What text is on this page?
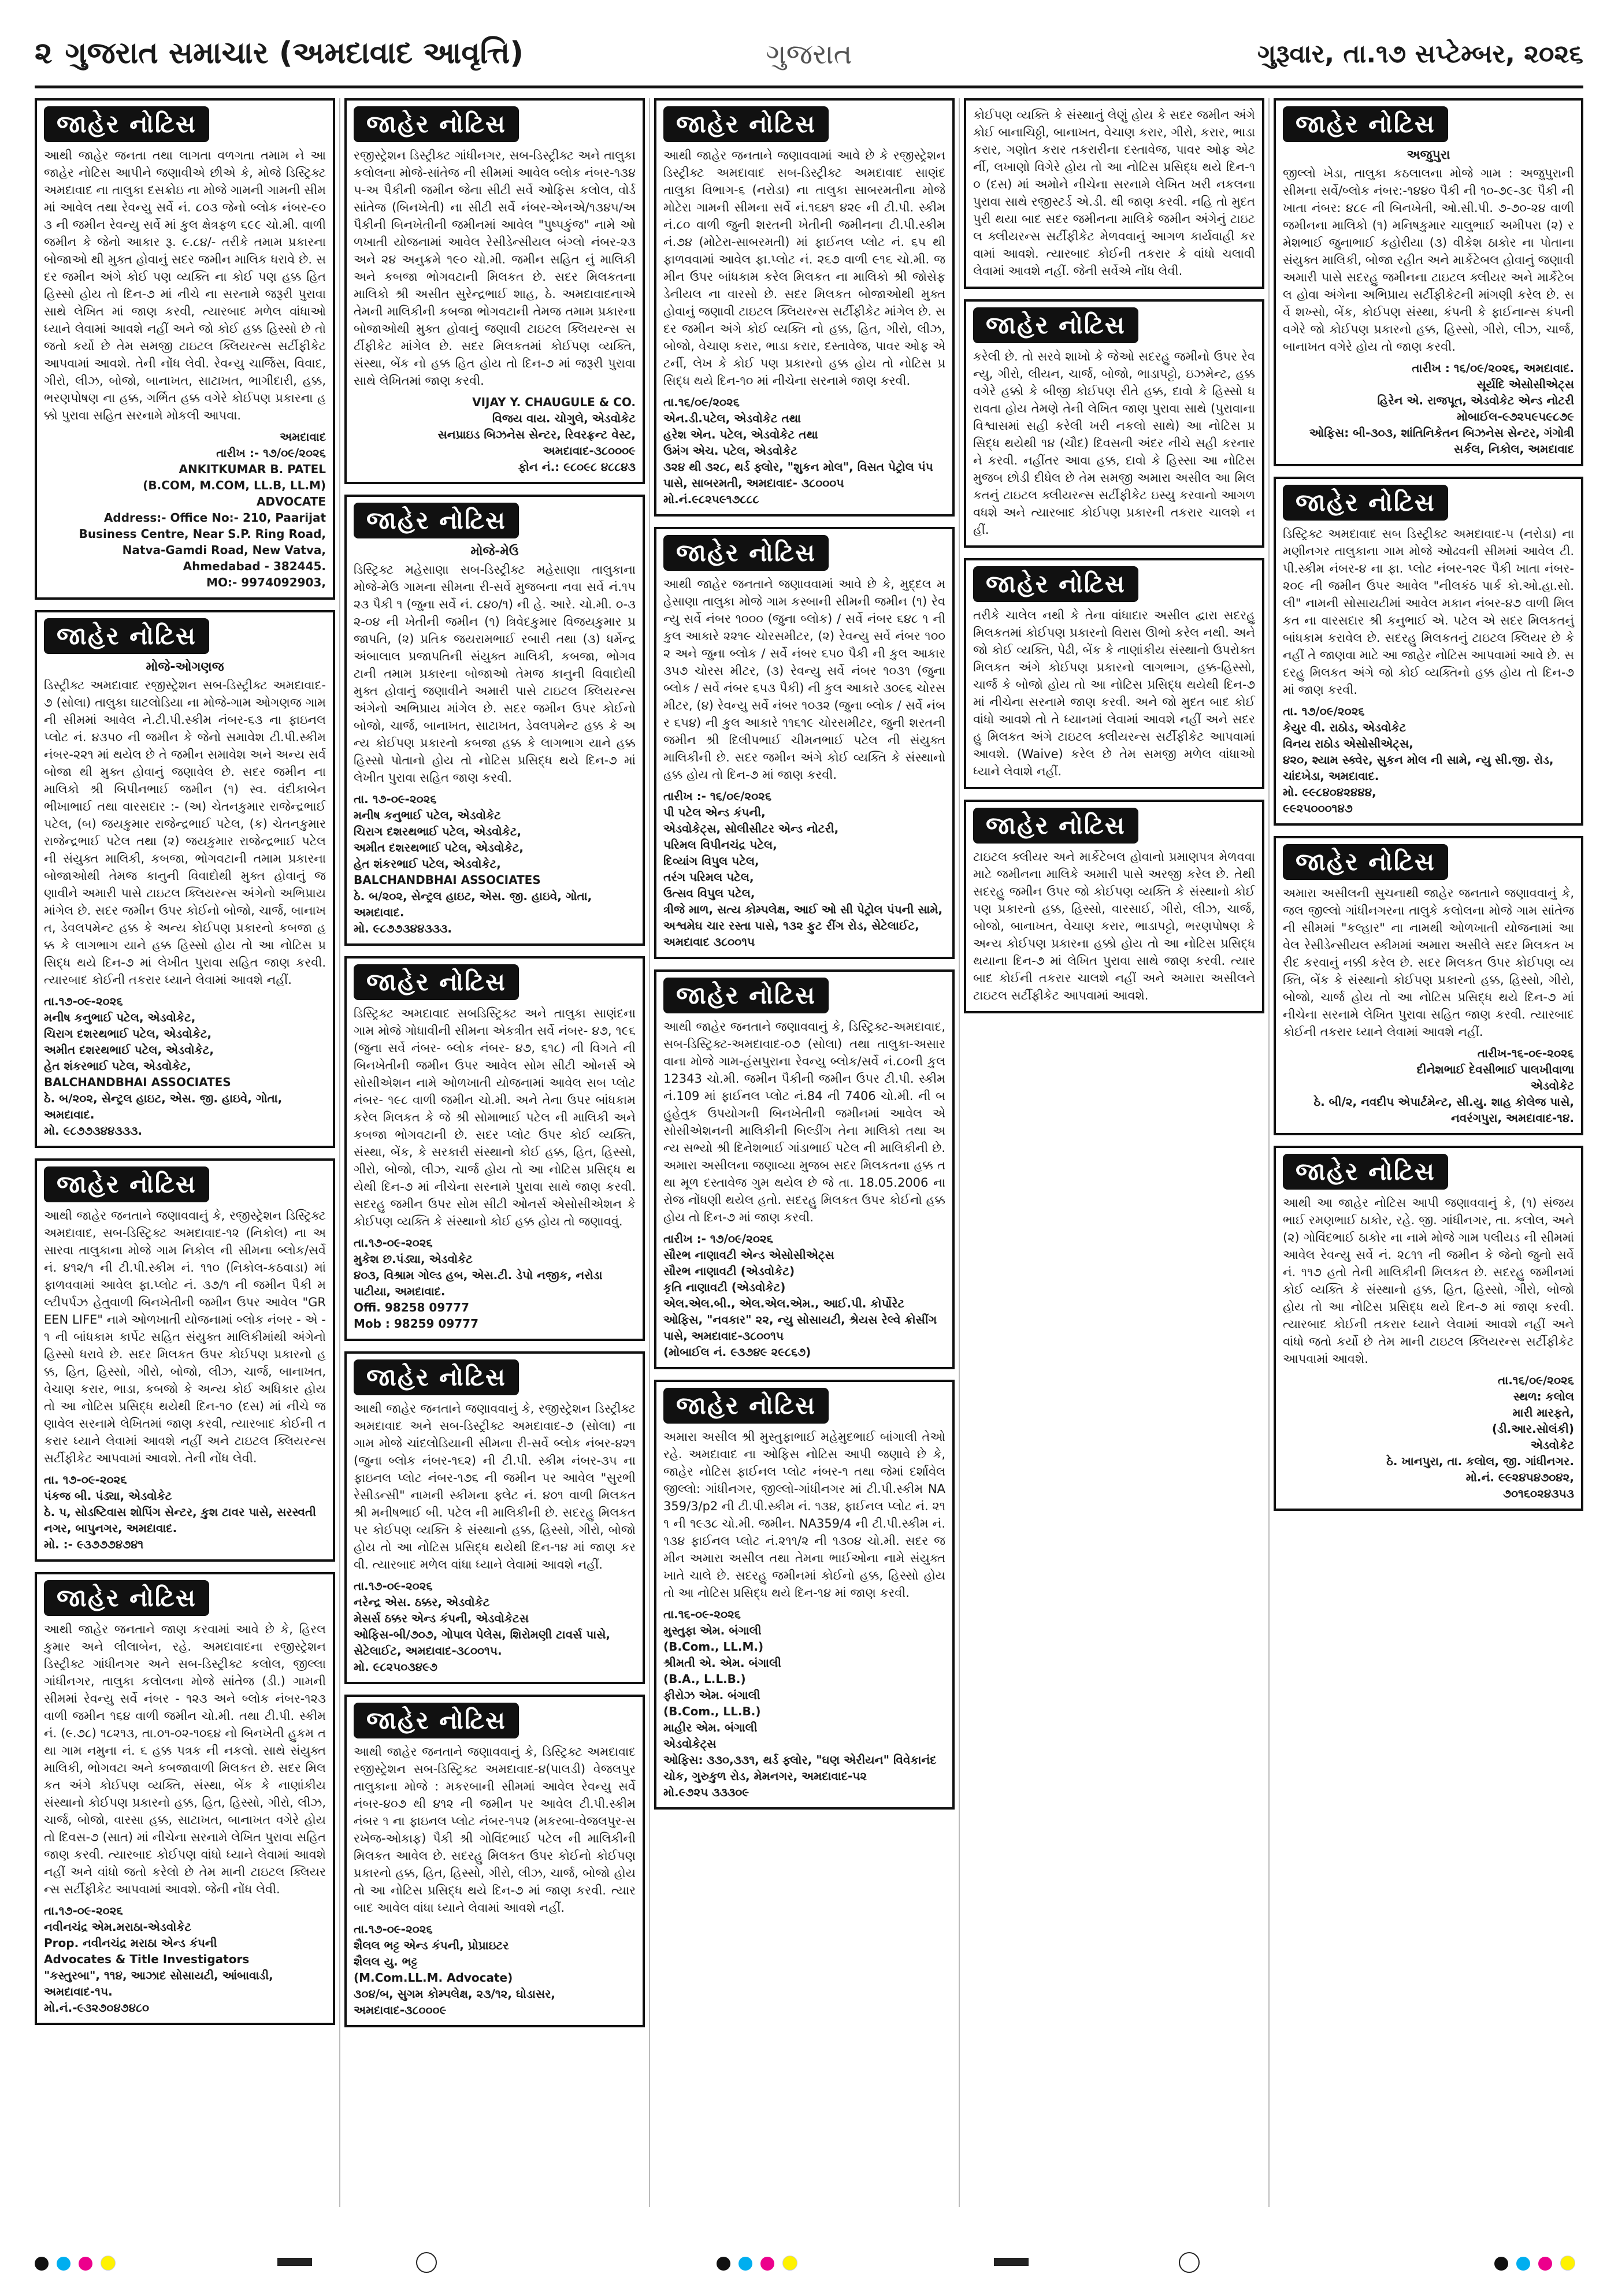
૨ ગુજરાત સમાચાર (અમદાવાદ આવૃત્તિ)	ગુજરાત	ગુરૂવાર, તા.૧૭ સપ્ટેમ્બર, ૨૦૨૬
જાહેર નોટિસ
આથી જાહેર જનતા તથા લાગતા વળગતા તમામ ને આ જાહેર નોટિસ આપીને જણાવીએ છીએ કે, મોજે ડિસ્ટ્રિક્ટ અમદાવાદ ના તાલુકા દસક્રોઇ ના મોજે ગામની ગામની સીમમાં આવેલ તથા રેવન્યુ સર્વે નં. ૮૦૩ જેનો બ્લોક નંબર-૯૦૩ ની જમીન રેવન્યુ સર્વે માં કુલ ક્ષેત્રફળ ૬૯૯ ચો.મી. વાળી જમીન કે જેનો આકાર રૂ. ૯.૮૪/- તરીકે તમામ પ્રકારના બોજાઓ થી મુક્ત હોવાનું સદર જમીન માલિક ધરાવે છે. સદર જમીન અંગે કોઈ પણ વ્યક્તિ ના કોઈ પણ હક્ક હિત હિસ્સો હોય તો દિન-૭ માં નીચે ના સરનામે જરૂરી પુરાવા સાથે લેખિત માં જાણ કરવી, ત્યારબાદ મળેલ વાંધાઓ ધ્યાને લેવામાં આવશે નહીં અને જો કોઈ હક્ક હિસ્સો છે તો જતો કર્યો છે તેમ સમજી ટાઇટલ ક્લિયરન્સ સર્ટીફીકેટ આપવામાં આવશે. તેની નોંધ લેવી. રેવન્યુ ચાર્જિસ, વિવાદ, ગીરો, લીઝ, બોજો, બાનાખત, સાટાખત, ભાગીદારી, હક્ક, ભરણપોષણ ના હક્ક, ગર્ભિત હક્ક વગેરે કોઈપણ પ્રકારના હક્કો પુરાવા સહિત સરનામે મોકલી આપવા.
અમદાવાદ
તારીખ :- ૧૭/૦૯/૨૦૨૬
ANKITKUMAR B. PATEL
(B.COM, M.COM, LL.B, LL.M)
ADVOCATE
Address:- Office No:- 210, Paarijat Business Centre, Near S.P. Ring Road, Natva-Gamdi Road, New Vatva, Ahmedabad - 382445.
MO:- 9974092903,
જાહેર નોટિસ
મોજે-ઓગણજ
ડિસ્ટ્રીક્ટ અમદાવાદ રજીસ્ટ્રેશન સબ-ડિસ્ટ્રીક્ટ અમદાવાદ-૭ (સોલા) તાલુકા ઘાટલોડિયા ના મોજે-ગામ ઓગણજ ગામની સીમમાં આવેલ ને.ટી.પી.સ્કીમ નંબર-૬૩ ના ફાઇનલ પ્લોટ નં. ૪૩૫૦ ની જમીન કે જેનો સમાવેશ ટી.પી.સ્કીમ નંબર-૨૨૧ માં થયેલ છે તે જમીન સમાવેશ અને અન્ય સર્વ બોજા થી મુક્ત હોવાનું જણાવેલ છે. સદર જમીન ના માલિકો શ્રી બિપીનભાઈ જમીન (૧) સ્વ. વંદીકાબેન ભીખાભાઈ તથા વારસદાર :- (અ) ચેતનકુમાર રાજેન્દ્રભાઈ પટેલ, (બ) જયકુમાર રાજેન્દ્રભાઈ પટેલ, (ક) ચેતનકુમાર રાજેન્દ્રભાઈ પટેલ તથા (૨) જયકુમાર રાજેન્દ્રભાઈ પટેલ ની સંયુક્ત માલિકી, કબજા, ભોગવટાની તમામ પ્રકારના બોજાઓથી તેમજ કાનુની વિવાદોથી મુક્ત હોવાનું જણાવીને અમારી પાસે ટાઇટલ ક્લિયરન્સ અંગેનો અભિપ્રાય માંગેલ છે. સદર જમીન ઉપર કોઈનો બોજો, ચાર્જ, બાનાખત, ડેવલપમેન્ટ હક્ક કે અન્ય કોઈપણ પ્રકારનો કબજા હક્ક કે લાગભાગ યાને હક્ક હિસ્સો હોય તો આ નોટિસ પ્રસિદ્ધ થયે દિન-૭ માં લેખીત પુરાવા સહિત જાણ કરવી. ત્યારબાદ કોઈની તકરાર ધ્યાને લેવામાં આવશે નહીં.
તા.૧૭-૦૯-૨૦૨૬
મનીષ કનુભાઈ પટેલ, એડવોકેટ,
ચિરાગ દશરથભાઈ પટેલ, એડવોકેટ,
અમીત દશરથભાઈ પટેલ, એડવોકેટ,
હેત શંકરભાઈ પટેલ, એડવોકેટ,
BALCHANDBHAI ASSOCIATES
ઠે. બ/૨૦૨, સેન્ટ્રલ હાઇટ, એસ. જી. હાઇવે, ગોતા, અમદાવાદ.
મો. ૯૮૭૭૩૪૪૩૩૩.
જાહેર નોટિસ
આથી જાહેર જનતાને જણાવવાનું કે, રજીસ્ટ્રેશન ડિસ્ટ્રિક્ટ અમદાવાદ, સબ-ડિસ્ટ્રિક્ટ અમદાવાદ-૧૨ (નિકોલ) ના અસારવા તાલુકાના મોજે ગામ નિકોલ ની સીમના બ્લોક/સર્વે નં. ૪૧૨/૧ ની ટી.પી.સ્કીમ નં. ૧૧૦ (નિકોલ-કઠવાડા) માં ફાળવવામાં આવેલ ફા.પ્લોટ નં. ૩૭/૧ ની જમીન પૈકી મલ્ટીપર્પઝ હેતુવાળી બિનખેતીની જમીન ઉપર આવેલ "GREEN LIFE" નામે ઓળખાતી યોજનામાં બ્લોક નંબર - એ - ૧ ની બાંધકામ કાર્પેટ સહિત સંયુક્ત માલિકીમાંથી અંગેનો હિસ્સો ધરાવે છે. સદર મિલકત ઉપર કોઈપણ પ્રકારનો હક્ક, હિત, હિસ્સો, ગીરો, બોજો, લીઝ, ચાર્જ, બાનાખત, વેચાણ કરાર, ભાડા, કબજો કે અન્ય કોઈ અધિકાર હોય તો આ નોટિસ પ્રસિદ્ધ થયેથી દિન-૧૦ (દસ) માં નીચે જણાવેલ સરનામે લેખિતમાં જાણ કરવી, ત્યારબાદ કોઈની તકરાર ધ્યાને લેવામાં આવશે નહીં અને ટાઇટલ ક્લિયરન્સ સર્ટીફીકેટ આપવામાં આવશે. તેની નોંધ લેવી.
તા. ૧૭-૦૯-૨૦૨૬
પંકજ બી. પંડ્યા, એડવોકેટ
ઠે. પ, સોડષ્ટિવાસ શોપિંગ સેન્ટર, કુશ ટાવર પાસે, સરસ્વતી નગર, બાપુનગર, અમદાવાદ.
મો. :- ૯૩૭૭૭૪૭૪૧
જાહેર નોટિસ
આથી જાહેર જનતાને જાણ કરવામાં આવે છે કે, હિરલકુમાર અને લીલાબેન, રહે. અમદાવાદના રજીસ્ટ્રેશન ડિસ્ટ્રીક્ટ ગાંધીનગર અને સબ-ડિસ્ટ્રીક્ટ કલોલ, જીલ્લા ગાંધીનગર, તાલુકા કલોલના મોજે સાંતેજ (ડી.) ગામની સીમમાં રેવન્યુ સર્વે નંબર - ૧૨૩ અને બ્લોક નંબર-૧૨૩ વાળી જમીન ૧૬૪ વાળી જમીન ચો.મી. તથા ટી.પી. સ્કીમ નં. (૯.૭૮) ૧૮૨૧૩, તા.૦૧-૦૨-૧૦૬૪ નો બિનખેતી હુકમ તથા ગામ નમુના નં. ૬ હક્ક પત્રક ની નકલો. સાથે સંયુક્ત માલિકી, ભોગવટા અને કબજાવાળી મિલકત છે. સદર મિલકત અંગે કોઈપણ વ્યક્તિ, સંસ્થા, બેંક કે નાણાંકીય સંસ્થાનો કોઈપણ પ્રકારનો હક્ક, હિત, હિસ્સો, ગીરો, લીઝ, ચાર્જ, બોજો, વારસા હક્ક, સાટાખત, બાનાખત વગેરે હોય તો દિવસ-૭ (સાત) માં નીચેના સરનામે લેખિત પુરાવા સહિત જાણ કરવી. ત્યારબાદ કોઈપણ વાંધો ધ્યાને લેવામાં આવશે નહીં અને વાંધો જતો કરેલો છે તેમ માની ટાઇટલ ક્લિયરન્સ સર્ટીફીકેટ આપવામાં આવશે. જેની નોંધ લેવી.
તા.૧૭-૦૯-૨૦૨૬
નવીનચંદ્ર એમ.મરાઠા-એડવોકેટ
Prop. નવીનચંદ્ર મરાઠા એન્ડ કંપની
Advocates & Title Investigators
"કસ્તુરબા", ૧૧૪, આઝાદ સોસાયટી, આંબાવાડી, અમદાવાદ-૧૫.
મો.નં.-૯૩૨૭૦૪૭૪૮૦
જાહેર નોટિસ
રજીસ્ટ્રેશન ડિસ્ટ્રીક્ટ ગાંધીનગર, સબ-ડિસ્ટ્રીક્ટ અને તાલુકા કલોલના મોજે-સાંતેજ ની સીમમાં આવેલ બ્લોક નંબર-૧૩૪૫-અ પૈકીની જમીન જેના સીટી સર્વે ઓફિસ કલોલ, વોર્ડ સાંતેજ (બિનખેતી) ના સીટી સર્વે નંબર-એનએ/૧૩૪૫/અ પૈકીની બિનખેતીની જમીનમાં આવેલ "પુષ્પકુંજ" નામે ઓળખાતી યોજનામાં આવેલ રેસીડેન્સીયલ બંગ્લો નંબર-૨૩ અને ૨૪ અનુક્રમે ૧૯૦ ચો.મી. જમીન સહિત નું માલિકી અને કબજા ભોગવટાની મિલકત છે. સદર મિલકતના માલિકો શ્રી અસીત સુરેન્દ્રભાઈ શાહ, ઠે. અમદાવાદનાએ તેમની માલિકીની કબજા ભોગવટાની તેમજ તમામ પ્રકારના બોજાઓથી મુક્ત હોવાનું જણાવી ટાઇટલ ક્લિયરન્સ સર્ટીફીકેટ માંગેલ છે. સદર મિલકતમાં કોઈપણ વ્યક્તિ, સંસ્થા, બેંક નો હક્ક હિત હોય તો દિન-૭ માં જરૂરી પુરાવા સાથે લેખિતમાં જાણ કરવી.
VIJAY Y. CHAUGULE & CO.
વિજય વાય. ચોગુલે, એડવોકેટ
સનપ્રાઇડ બિઝનેસ સેન્ટર, રિવરફ્રન્ટ વેસ્ટ, અમદાવાદ-૩૮૦૦૦૯
ફોન નં.: ૯૮૦૯૮ ૪૮૮૪૩
જાહેર નોટિસ
મોજે-મેઉ
ડિસ્ટ્રિક્ટ મહેસાણા સબ-ડિસ્ટ્રીક્ટ મહેસાણા તાલુકાના મોજે-મેઉ ગામના સીમના રી-સર્વે મુજબના નવા સર્વે નં.૧૫૨૩ પૈકી ૧ (જુના સર્વે નં. ૮૪૦/૧) ની હે. આરે. ચો.મી. ૦-૩૨-૦૪ ની ખેતીની જમીન (૧) ત્રિવેદકુમાર વિજયકુમાર પ્રજાપતિ, (૨) પ્રતિક જયરામભાઈ રબારી તથા (૩) ધર્મેન્દ્ર અંબાલાલ પ્રજાપતિની સંયુક્ત માલિકી, કબજા, ભોગવટાની તમામ પ્રકારના બોજાઓ તેમજ કાનુની વિવાદોથી મુક્ત હોવાનું જણાવીને અમારી પાસે ટાઇટલ ક્લિયરન્સ અંગેનો અભિપ્રાય માંગેલ છે. સદર જમીન ઉપર કોઈનો બોજો, ચાર્જ, બાનાખત, સાટાખત, ડેવલપમેન્ટ હક્ક કે અન્ય કોઈપણ પ્રકારનો કબજા હક્ક કે લાગભાગ યાને હક્ક હિસ્સો પોતાનો હોય તો નોટિસ પ્રસિદ્ધ થયે દિન-૭ માં લેખીત પુરાવા સહિત જાણ કરવી.
તા. ૧૭-૦૯-૨૦૨૬
મનીષ કનુભાઈ પટેલ, એડવોકેટ
ચિરાગ દશરથભાઈ પટેલ, એડવોકેટ,
અમીત દશરથભાઈ પટેલ, એડવોકેટ,
હેત શંકરભાઈ પટેલ, એડવોકેટ,
BALCHANDBHAI ASSOCIATES
ઠે. બ/૨૦૨, સેન્ટ્રલ હાઇટ, એસ. જી. હાઇવે, ગોતા, અમદાવાદ.
મો. ૯૮૭૭૩૪૪૩૩૩.
જાહેર નોટિસ
ડિસ્ટ્રિક્ટ અમદાવાદ સબડિસ્ટ્રિક્ટ અને તાલુકા સાણંદના ગામ મોજે ગોધાવીની સીમના એકત્રીત સર્વે નંબર- ૪૭, ૧૯૬ (જુના સર્વે નંબર- બ્લોક નંબર- ૪૭, ૬૧૮) ની વિગતે ની બિનખેતીની જમીન ઉપર આવેલ સોમ સીટી ઓનર્સ એસોસીએશન નામે ઓળખાતી યોજનામાં આવેલ સબ પ્લોટ નંબર- ૧૯૮ વાળી જમીન ચો.મી. અને તેના ઉપર બાંધકામ કરેલ મિલકત કે જે શ્રી સોમાભાઈ પટેલ ની માલિકી અને કબજા ભોગવટાની છે. સદર પ્લોટ ઉપર કોઈ વ્યક્તિ, સંસ્થા, બેંક, કે સરકારી સંસ્થાનો કોઈ હક્ક, હિત, હિસ્સો, ગીરો, બોજો, લીઝ, ચાર્જ હોય તો આ નોટિસ પ્રસિદ્ધ થયેથી દિન-૭ માં નીચેના સરનામે પુરાવા સાથે જાણ કરવી. સદરહુ જમીન ઉપર સોમ સીટી ઓનર્સ એસોસીએશન કે કોઈપણ વ્યક્તિ કે સંસ્થાનો કોઈ હક્ક હોય તો જણાવવું.
તા.૧૭-૦૯-૨૦૨૬
મુકેશ છ.પંડ્યા, એડવોકેટ
૪૦૩, વિશ્રામ ગોલ્ડ હબ, એસ.ટી. ડેપો નજીક, નરોડા પાટીયા, અમદાવાદ.
Offi. 98258 09777
Mob : 98259 09777
જાહેર નોટિસ
આથી જાહેર જનતાને જણાવવાનું કે, રજીસ્ટ્રેશન ડિસ્ટ્રીક્ટ અમદાવાદ અને સબ-ડિસ્ટ્રીક્ટ અમદાવાદ-૭ (સોલા) ના ગામ મોજે ચાંદલોડિયાની સીમના રી-સર્વે બ્લોક નંબર-૪૨૧ (જુના બ્લોક નંબર-૧૬૨) ની ટી.પી. સ્કીમ નંબર-૩૫ ના ફાઇનલ પ્લોટ નંબર-૧૭૬ ની જમીન પર આવેલ "સુરભી રેસીડન્સી" નામની સ્કીમના ફ્લેટ નં. ૪૦૧ વાળી મિલકત શ્રી મનીષભાઈ બી. પટેલ ની માલિકીની છે. સદરહુ મિલકત પર કોઈપણ વ્યક્તિ કે સંસ્થાનો હક્ક, હિસ્સો, ગીરો, બોજો હોય તો આ નોટિસ પ્રસિદ્ધ થયેથી દિન-૧૪ માં જાણ કરવી. ત્યારબાદ મળેલ વાંધા ધ્યાને લેવામાં આવશે નહીં.
તા.૧૭-૦૯-૨૦૨૬
નરેન્દ્ર એસ. ઠક્કર, એડવોકેટ
મેસર્સ ઠક્કર એન્ડ કંપની, એડવોકેટસ
ઓફિસ-બી/૭૦૭, ગોપાલ પેલેસ, શિરોમણી ટાવર્સ પાસે, સેટેલાઈટ, અમદાવાદ-૩૮૦૦૧૫.
મો. ૯૮૨૫૦૩૪૯૭
જાહેર નોટિસ
આથી જાહેર જનતાને જણાવવાનું કે, ડિસ્ટ્રિક્ટ અમદાવાદ રજીસ્ટ્રેશન સબ-ડિસ્ટ્રિક્ટ અમદાવાદ-૪(પાલડી) વેજલપુર તાલુકાના મોજે : મકરબાની સીમમાં આવેલ રેવન્યુ સર્વે નંબર-૪૦૭ થી ૪૧૨ ની જમીન પર આવેલ ટી.પી.સ્કીમ નંબર ૧ ના ફાઇનલ પ્લોટ નંબર-૧૫૨ (મકરબા-વેજલપુર-સરખેજ-ઓકાફ) પૈકી શ્રી ગોવિંદભાઈ પટેલ ની માલિકીની મિલકત આવેલ છે. સદરહુ મિલકત ઉપર કોઈનો કોઈપણ પ્રકારનો હક્ક, હિત, હિસ્સો, ગીરો, લીઝ, ચાર્જ, બોજો હોય તો આ નોટિસ પ્રસિદ્ધ થયે દિન-૭ માં જાણ કરવી. ત્યારબાદ આવેલ વાંધા ધ્યાને લેવામાં આવશે નહીં.
તા.૧૭-૦૯-૨૦૨૬
શૈલલ ભટ્ટ એન્ડ કંપની, પ્રોપ્રાઇટર
શૈલલ યુ. ભટ્ટ
(M.Com.LL.M. Advocate)
૩૦૪/બ, સુગમ કોમ્પલેક્ષ, ૨૩/૧૨, ઘોડાસર, અમદાવાદ-૩૮૦૦૦૯
જાહેર નોટિસ
આથી જાહેર જનતાને જણાવવામાં આવે છે કે રજીસ્ટ્રેશન ડિસ્ટ્રીક્ટ અમદાવાદ સબ-ડિસ્ટ્રીક્ટ અમદાવાદ સાણંદ તાલુકા વિભાગ-૬ (નરોડા) ના તાલુકા સાબરમતીના મોજે મોટેરા ગામની સીમના સર્વે નં.૧૬૪૧ ૪૨૯ ની ટી.પી. સ્કીમ નં.૮૦ વાળી જુની શરતની ખેતીની જમીનના ટી.પી.સ્કીમ નં.૭૪ (મોટેરા-સાબરમતી) માં ફાઈનલ પ્લોટ નં. ૬૫ થી ફાળવવામાં આવેલ ફા.પ્લોટ નં. ૨૬૭ વાળી ૯૧૬ ચો.મી. જમીન ઉપર બાંધકામ કરેલ મિલકત ના માલિકો શ્રી જોસેફ ડેનીયલ ના વારસો છે. સદર મિલકત બોજાઓથી મુક્ત હોવાનું જણાવી ટાઇટલ ક્લિયરન્સ સર્ટીફીકેટ માંગેલ છે. સદર જમીન અંગે કોઈ વ્યક્તિ નો હક્ક, હિત, ગીરો, લીઝ, બોજો, વેચાણ કરાર, ભાડા કરાર, દસ્તાવેજ, પાવર ઓફ એટર્ની, લેખ કે કોઈ પણ પ્રકારનો હક્ક હોય તો નોટિસ પ્રસિદ્ધ થયે દિન-૧૦ માં નીચેના સરનામે જાણ કરવી.
તા.૧૬/૦૯/૨૦૨૬
એન.ડી.પટેલ, એડવોકેટ તથા
હરેશ એન. પટેલ, એડવોકેટ તથા
ઉમંગ એચ. પટેલ, એડવોકેટ
૩૨૪ થી ૩૨૮, થર્ડ ફ્લોર, "શુકન મોલ", વિસત પેટ્રોલ પંપ પાસે, સાબરમતી, અમદાવાદ- ૩૮૦૦૦૫
મો.નં.૯૮૨૫૯૧૭૮૮૮
જાહેર નોટિસ
આથી જાહેર જનતાને જણાવવામાં આવે છે કે, મુદ્દલ મહેસાણા તાલુકા મોજે ગામ કસ્બાની સીમની જમીન (૧) રેવન્યુ સર્વે નંબર ૧૦૦૦ (જુના બ્લોક) / સર્વે નંબર ૬૪૮ ૧ ની કુલ આકારે ૨૨૧૯ ચોરસમીટર, (૨) રેવન્યુ સર્વે નંબર ૧૦૦૨ અને જુના બ્લોક / સર્વે નંબર ૬૫૦ પૈકી ની કુલ આકાર ૩૫૭ ચોરસ મીટર, (૩) રેવન્યુ સર્વે નંબર ૧૦૩૧ (જુના બ્લોક / સર્વે નંબર ૬૫૩ પૈકી) ની કુલ આકારે ૩૦૯૬ ચોરસમીટર, (૪) રેવન્યુ સર્વે નંબર ૧૦૩૨ (જુના બ્લોક / સર્વે નંબર ૬૫૪) ની કુલ આકારે ૧૧૬૧૯ ચોરસમીટર, જુની શરતની જમીન શ્રી દિલીપભાઈ ચીમનભાઈ પટેલ ની સંયુક્ત માલિકીની છે. સદર જમીન અંગે કોઈ વ્યક્તિ કે સંસ્થાનો હક્ક હોય તો દિન-૭ માં જાણ કરવી.
તારીખ :- ૧૬/૦૯/૨૦૨૬
પી પટેલ એન્ડ કંપની,
એડવોકેટ્સ, સોલીસીટર એન્ડ નોટરી,
પરિમલ વિપીનચંદ્ર પટેલ,
દિવ્યાંગ વિપુલ પટેલ,
તરંગ પરિમલ પટેલ,
ઉત્સવ વિપુલ પટેલ,
ત્રીજે માળ, સત્ય કોમ્પલેક્ષ, આઈ ઓ સી પેટ્રોલ પંપની સામે, અશ્વમેઘ ચાર રસ્તા પાસે, ૧૩૨ ફુટ રીંગ રોડ, સેટેલાઈટ, અમદાવાદ ૩૮૦૦૧૫
જાહેર નોટિસ
આથી જાહેર જનતાને જણાવવાનું કે, ડિસ્ટ્રિક્ટ-અમદાવાદ, સબ-ડિસ્ટ્રિક્ટ-અમદાવાદ-૦૭ (સોલા) તથા તાલુકા-અસારવાના મોજે ગામ-હંસપુરાના રેવન્યુ બ્લોક/સર્વે નં.૮૦ની કુલ 12343 ચો.મી. જમીન પૈકીની જમીન ઉપર ટી.પી. સ્કીમ નં.109 માં ફાઈનલ પ્લોટ નં.84 ની 7406 ચો.મી. ની બહુહેતુક ઉપયોગની બિનખેતીની જમીનમાં આવેલ એસોસીએશનની માલિકીની બિલ્ડીંગ તેના માલિકો તથા અન્ય સભ્યો શ્રી દિનેશભાઈ ગાંડાભાઈ પટેલ ની માલિકીની છે. અમારા અસીલના જણાવ્યા મુજબ સદર મિલકતના હક્ક તથા મૂળ દસ્તાવેજ ગુમ થયેલ છે જે તા. 18.05.2006 ના રોજ નોંધણી થયેલ હતો. સદરહુ મિલકત ઉપર કોઈનો હક્ક હોય તો દિન-૭ માં જાણ કરવી.
તારીખ :- ૧૭/૦૯/૨૦૨૬
સૌરભ નાણાવટી એન્ડ એસોસીએટ્સ
સૌરભ નાણાવટી (એડવોકેટ)
કૃતિ નાણાવટી (એડવોકેટ)
એલ.એલ.બી., એલ.એલ.એમ., આઈ.પી. કોર્પોરેટ ઓફિસ, "નવકાર" ૨૨, ન્યુ સોસાયટી, શ્રેયસ રેલ્વે ક્રોસીંગ પાસે, અમદાવાદ-૩૮૦૦૧૫
(મોબાઈલ નં. ૯૩૭૪૯ ૨૯૮૬૭)
જાહેર નોટિસ
અમારા અસીલ શ્રી મુસ્તુફાભાઈ મહેમુદભાઈ બાંગાલી તેઓ રહે. અમદાવાદ ના ઓફિસ નોટિસ આપી જણાવે છે કે, જાહેર નોટિસ ફાઈનલ પ્લોટ નંબર-૧ તથા જેમાં દર્શાવેલ જીલ્લો: ગાંધીનગર, જીલ્લો-ગાંધીનગર માં ટી.પી.સ્કીમ NA359/3/p2 ની ટી.પી.સ્કીમ નં. ૧૩૪, ફાઈનલ પ્લોટ નં. ૨૧૧ ની ૧૯૩૮ ચો.મી. જમીન. NA359/4 ની ટી.પી.સ્કીમ નં.૧૩૪ ફાઈનલ પ્લોટ નં.૨૧૧/૨ ની ૧૩૦૪ ચો.મી. સદર જમીન અમારા અસીલ તથા તેમના ભાઈઓના નામે સંયુક્ત ખાતે ચાલે છે. સદરહુ જમીનમાં કોઈનો હક્ક, હિસ્સો હોય તો આ નોટિસ પ્રસિદ્ધ થયે દિન-૧૪ માં જાણ કરવી.
તા.૧૬-૦૯-૨૦૨૬
મુસ્તુફા એમ. બંગાલી
(B.Com., LL.M.)
શ્રીમતી એ. એમ. બંગાલી
(B.A., L.L.B.)
ફીરોઝ એમ. બંગાલી
(B.Com., LL.B.)
માહીર એમ. બંગાલી
એડવોકેટ્સ
ઓફિસ: ૩૩૦,૩૩૧, થર્ડ ફ્લોર, "ઘણ એરીયન" વિવેકાનંદ ચોક, ગુરુકુળ રોડ, મેમનગર, અમદાવાદ-૫૨
મો.૯૭૨૫ ૩૩૩૦૯
કોઈપણ વ્યક્તિ કે સંસ્થાનું લેણું હોય કે સદર જમીન અંગે કોઈ બાનાચિઠ્ઠી, બાનાખત, વેચાણ કરાર, ગીરો, કરાર, ભાડા કરાર, ગણોત કરાર તકરારીના દસ્તાવેજ, પાવર ઓફ એટર્ની, લખાણો વિગેરે હોય તો આ નોટિસ પ્રસિદ્ધ થયે દિન-૧૦ (દસ) માં અમોને નીચેના સરનામે લેખિત ખરી નકલના પુરાવા સાથે રજીસ્ટર્ડ એ.ડી. થી જાણ કરવી. નહિ તો મુદત પુરી થયા બાદ સદર જમીનના માલિકે જમીન અંગેનું ટાઇટલ ક્લીયરન્સ સર્ટીફીકેટ મેળવવાનું આગળ કાર્યવાહી કરવામાં આવશે. ત્યારબાદ કોઈની તકરાર કે વાંધો ચલાવી લેવામાં આવશે નહીં. જેની સર્વેએ નોંધ લેવી.
જાહેર નોટિસ
કરેલી છે. તો સરવે શાખો કે જેઓ સદરહુ જમીનો ઉપર રેવન્યુ, ગીરો, લીયન, ચાર્જ, બોજો, ભાડાપટ્ટો, ઇઝમેન્ટ, હક્કવગેરે હક્કો કે બીજી કોઈપણ રીતે હક્ક, દાવો કે હિસ્સો ધરાવતા હોય તેમણે તેની લેખિત જાણ પુરાવા સાથે (પુરાવાના વિશ્વાસમાં સહી કરેલી ખરી નકલો સાથે) આ નોટિસ પ્રસિદ્ધ થયેથી ૧૪ (ચૌદ) દિવસની અંદર નીચે સહી કરનારને કરવી. નહીંતર આવા હક્ક, દાવો કે હિસ્સા આ નોટિસ મુજબ છોડી દીધેલ છે તેમ સમજી અમારા અસીલ આ મિલકતનું ટાઇટલ ક્લીયરન્સ સર્ટીફીકેટ ઇસ્યુ કરવાનો આગળ વધશે અને ત્યારબાદ કોઈપણ પ્રકારની તકરાર ચાલશે નહીં.
જાહેર નોટિસ
તરીકે ચાલેલ નથી કે તેના વાંધાદાર અસીલ દ્વારા સદરહુ મિલકતમાં કોઈપણ પ્રકારનો વિરાસ ઊભો કરેલ નથી. અને જો કોઈ વ્યક્તિ, પેઢી, બેંક કે નાણાંકીય સંસ્થાનો ઉપરોક્ત મિલકત અંગે કોઈપણ પ્રકારનો લાગભાગ, હક્ક-હિસ્સો, ચાર્જ કે બોજો હોય તો આ નોટિસ પ્રસિદ્ધ થયેથી દિન-૭ માં નીચેના સરનામે જાણ કરવી. અને જો મુદત બાદ કોઈ વાંધો આવશે તો તે ધ્યાનમાં લેવામાં આવશે નહીં અને સદરહુ મિલકત અંગે ટાઇટલ ક્લીયરન્સ સર્ટીફીકેટ આપવામાં આવશે. (Waive) કરેલ છે તેમ સમજી મળેલ વાંધાઓ ધ્યાને લેવાશે નહીં.
જાહેર નોટિસ
ટાઇટલ ક્લીયર અને માર્કેટેબલ હોવાનો પ્રમાણપત્ર મેળવવા માટે જમીનના માલિકે અમારી પાસે અરજી કરેલ છે. તેથી સદરહુ જમીન ઉપર જો કોઈપણ વ્યક્તિ કે સંસ્થાનો કોઈપણ પ્રકારનો હક્ક, હિસ્સો, વારસાઈ, ગીરો, લીઝ, ચાર્જ, બોજો, બાનાખત, વેચાણ કરાર, ભાડાપટ્ટો, ભરણપોષણ કે અન્ય કોઈપણ પ્રકારના હક્કો હોય તો આ નોટિસ પ્રસિદ્ધ થયાના દિન-૭ માં લેખિત પુરાવા સાથે જાણ કરવી. ત્યારબાદ કોઈની તકરાર ચાલશે નહીં અને અમારા અસીલને ટાઇટલ સર્ટીફીકેટ આપવામાં આવશે.
જાહેર નોટિસ
અજુપુરા
જીલ્લો ખેડા, તાલુકા કઠલાલના મોજે ગામ : અજુપુરાની સીમના સર્વે/બ્લોક નંબર:-૧૪૪૦ પૈકી ની ૧૦-૭૯-૩૯ પૈકી ની ખાતા નંબર: ૪૮૯ ની બિનખેતી, ઓ.સી.પી. ૭-૭૦-૨૪ વાળી જમીનના માલિકો (૧) મનિષકુમાર ચાલુભાઈ અમીપરા (૨) રમેશભાઈ જુનાભાઈ કહોરીયા (૩) વીકેશ ઠાકોર ના પોતાના સંયુક્ત માલિકી, બોજા રહીત અને માર્કેટેબલ હોવાનું જણાવી અમારી પાસે સદરહુ જમીનના ટાઇટલ ક્લીયર અને માર્કેટેબલ હોવા અંગેના અભિપ્રાય સર્ટીફીકેટની માંગણી કરેલ છે. સર્વે શખ્સો, બેંક, કોઈપણ સંસ્થા, કંપની કે ફાઈનાન્સ કંપની વગેરે જો કોઈપણ પ્રકારનો હક્ક, હિસ્સો, ગીરો, લીઝ, ચાર્જ, બાનાખત વગેરે હોય તો જાણ કરવી.
તારીખ : ૧૬/૦૯/૨૦૨૬, અમદાવાદ.
સૂર્યદિ એસોસીએટ્સ
હિરેન એ. રાજપૂત, એડવોકેટ એન્ડ નોટરી
મોબાઈલ-૯૭૨૫૯૫૯૮૭૯
ઓફિસ: બી-૩૦૩, શાંતિનિકેતન બિઝનેસ સેન્ટર, ગંગોત્રી સર્કલ, નિકોલ, અમદાવાદ
જાહેર નોટિસ
ડિસ્ટ્રિક્ટ અમદાવાદ સબ ડિસ્ટ્રીક્ટ અમદાવાદ-૫ (નરોડા) ના મણીનગર તાલુકાના ગામ મોજે ઓઢવની સીમમાં આવેલ ટી.પી.સ્કીમ નંબર-૪ ના ફા. પ્લોટ નંબર-૧૨૯ પૈકી ખાતા નંબર-૨૦૯ ની જમીન ઉપર આવેલ "નીલકંઠ પાર્ક કો.ઓ.હા.સો.લી" નામની સોસાયટીમાં આવેલ મકાન નંબર-૪૭ વાળી મિલકત ના વારસદાર શ્રી કનુભાઈ એ. પટેલ એ સદર મિલકતનું બાંધકામ કરાવેલ છે. સદરહુ મિલકતનું ટાઇટલ ક્લિયર છે કે નહીં તે જાણવા માટે આ જાહેર નોટિસ આપવામાં આવે છે. સદરહુ મિલકત અંગે જો કોઈ વ્યક્તિનો હક્ક હોય તો દિન-૭ માં જાણ કરવી.
તા. ૧૭/૦૯/૨૦૨૬
કેયુર વી. રાઠોડ, એડવોકેટ
વિનય રાઠોડ એસોસીએટ્સ,
૪૨૦, શ્યામ સ્ક્વેર, સુકન મોલ ની સામે, ન્યુ સી.જી. રોડ, ચાંદખેડા, અમદાવાદ.
મો. ૯૯૮૪૦૪૨૪૪૪,
૯૯૨૫૦૦૦૧૪૭
જાહેર નોટિસ
અમારા અસીલની સુચનાથી જાહેર જનતાને જણાવવાનું કે, જલ જીલ્લો ગાંધીનગરના તાલુકે કલોલના મોજે ગામ સાંતેજની સીમમાં "કલ્હાર" ના નામથી ઓળખાતી યોજનામાં આવેલ રેસીડેન્સીયલ સ્કીમમાં અમારા અસીલે સદર મિલકત ખરીદ કરવાનું નક્કી કરેલ છે. સદર મિલકત ઉપર કોઈપણ વ્યક્તિ, બેંક કે સંસ્થાનો કોઈપણ પ્રકારનો હક્ક, હિસ્સો, ગીરો, બોજો, ચાર્જ હોય તો આ નોટિસ પ્રસિદ્ધ થયે દિન-૭ માં નીચેના સરનામે લેખિત પુરાવા સહિત જાણ કરવી. ત્યારબાદ કોઈની તકરાર ધ્યાને લેવામાં આવશે નહીં.
તારીખ-૧૬-૦૯-૨૦૨૬
દીનેશભાઈ દેવસીભાઈ પાલખીવાળા
એડવોકેટ
ઠે. બી/૨, નવદીપ એપાર્ટમેન્ટ, સી.યુ. શાહ કોલેજ પાસે, નવરંગપુરા, અમદાવાદ-૧૪.
જાહેર નોટિસ
આથી આ જાહેર નોટિસ આપી જણાવવાનું કે, (૧) સંજયભાઈ રમણભાઈ ઠાકોર, રહે. જી. ગાંધીનગર, તા. કલોલ, અને (૨) ગોવિંદભાઈ ઠાકોર ના નામે મોજે ગામ પલીયડ ની સીમમાં આવેલ રેવન્યુ સર્વે નં. ૨૮૧૧ ની જમીન કે જેનો જુનો સર્વે નં. ૧૧૭ હતો તેની માલિકીની મિલકત છે. સદરહુ જમીનમાં કોઈ વ્યક્તિ કે સંસ્થાનો હક્ક, હિત, હિસ્સો, ગીરો, બોજો હોય તો આ નોટિસ પ્રસિદ્ધ થયે દિન-૭ માં જાણ કરવી. ત્યારબાદ કોઈની તકરાર ધ્યાને લેવામાં આવશે નહીં અને વાંધો જતો કર્યો છે તેમ માની ટાઇટલ ક્લિયરન્સ સર્ટીફીકેટ આપવામાં આવશે.
તા.૧૬/૦૯/૨૦૨૬
સ્થળ: કલોલ
મારી મારફતે,
(ડી.આર.સોલંકી)
એડવોકેટ
ઠે. ખાનપુરા, તા. કલોલ, જી. ગાંધીનગર.
મો.નં. ૯૯૨૪૫૪૭૦૪૨,
૭૦૧૬૦૨૪૩૫૩
